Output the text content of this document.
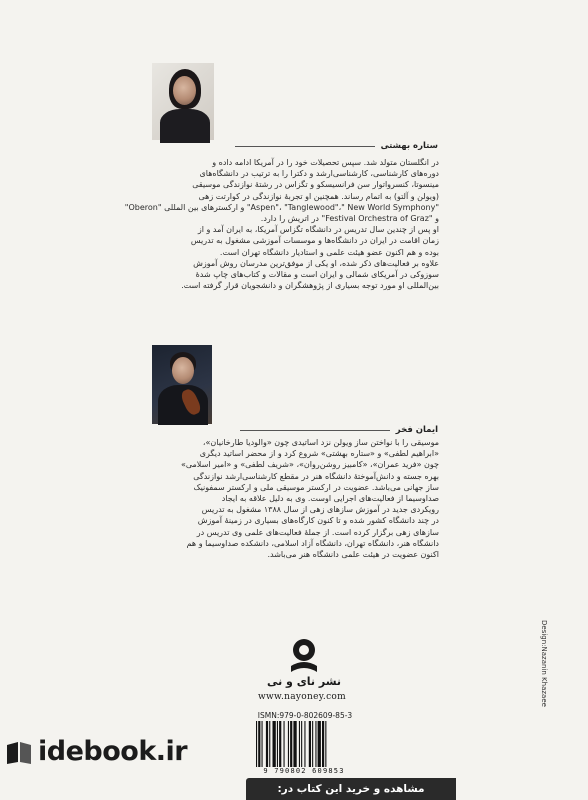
ستاره بهشتی
در انگلستان متولد شد. سپس تحصیلات خود را در آمریکا ادامه داده و
دوره‌های کارشناسی، کارشناسی‌ارشد و دکترا را به ترتیب در دانشگاه‌های
مینسوتا، کنسرواتوار سن فرانسیسکو و تگزاس در رشتهٔ نوازندگی موسیقی
(ویولن و آلتو) به اتمام رساند. همچنین او تجربهٔ نوازندگی در کوارتت زهی
"Aspen"، "Tanglewood"،" New World Symphony" و ارکسترهای بین المللی "Oberon"
و "Festival Orchestra of Graz" در اتریش را دارد.
او پس از چندین سال تدریس در دانشگاه تگزاس آمریکا، به ایران آمد و از
زمان اقامت در ایران در دانشگاه‌ها و موسسات آموزشی مشغول به تدریس
بوده و هم اکنون عضو هیئت علمی و استادیار دانشگاه تهران است.
علاوه بر فعالیت‌های ذکر شده، او یکی از موفق‌ترین مدرسان روش آموزش
سوزوکی در آمریکای شمالی و ایران است و مقالات و کتاب‌های چاپ شدهٔ
بین‌المللی او مورد توجه بسیاری از پژوهشگران و دانشجویان قرار گرفته است.
ایمان فخر
موسیقی را با نواختن ساز ویولن نزد اساتیدی چون «والودیا طارخانیان»،
«ابراهیم لطفی» و «ستاره بهشتی» شروع کرد و از محضر اساتید دیگری
چون «فرید عمران»، «کامبیز روشن‌روان»، «شریف لطفی» و «امیر اسلامی»
بهره جسته و دانش‌آموختهٔ دانشگاه هنر در مقطع کارشناسی‌ارشد نوازندگی
ساز جهانی می‌باشد. عضویت در ارکستر موسیقی ملی و ارکستر سمفونیک
صداوسیما از فعالیت‌های اجرایی اوست. وی به دلیل علاقه به ایجاد
رویکردی جدید در آموزش سازهای زهی از سال ۱۳۸۸ مشغول به تدریس
در چند دانشگاه کشور شده و تا کنون کارگاه‌های بسیاری در زمینهٔ آموزش
سازهای زهی برگزار کرده است. از جملهٔ فعالیت‌های علمی وی تدریس در
دانشگاه هنر، دانشگاه تهران، دانشگاه آزاد اسلامی، دانشکده صداوسیما و هم
اکنون عضویت در هیئت علمی دانشگاه هنر می‌باشد.
نشر نای و نی
www.nayoney.com
ISMN:979-0-802609-85-3
9 790802 609853
Design:Nazanin Khazaee
idebook.ir
مشاهده و خرید این کتاب در:
